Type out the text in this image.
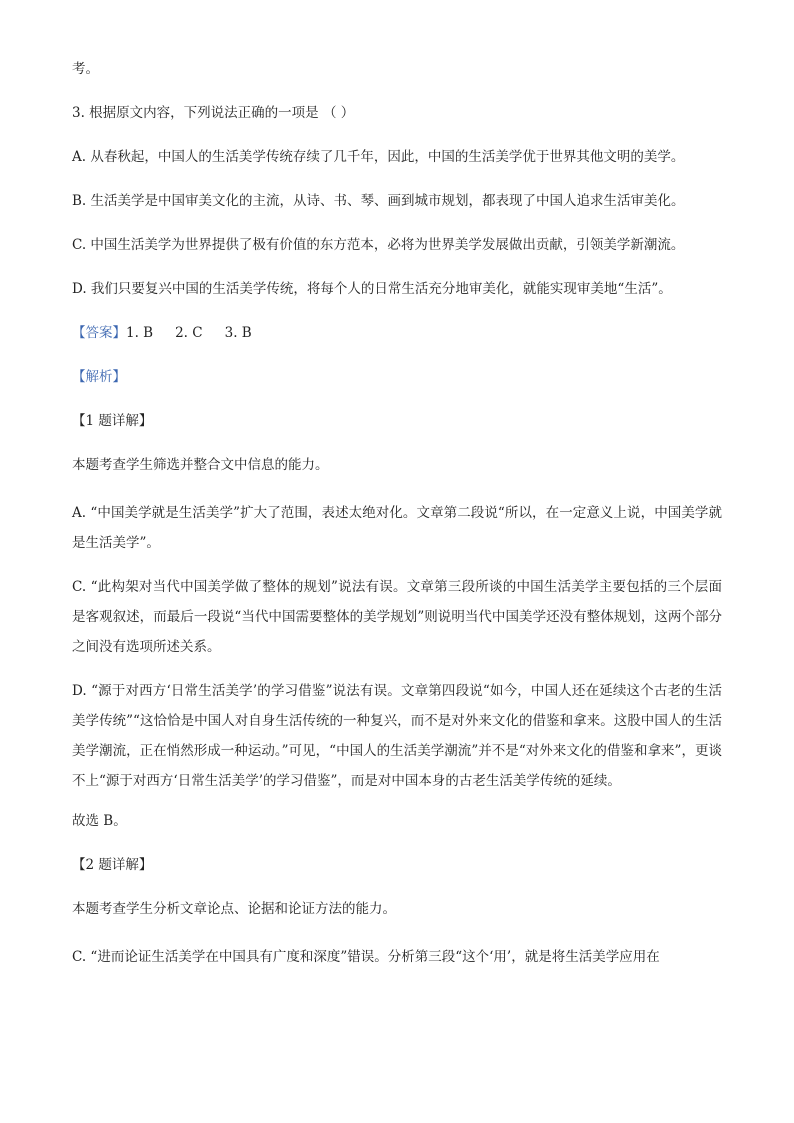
考。

3. 根据原文内容，下列说法正确的一项是 （ ）

A. 从春秋起，中国人的生活美学传统存续了几千年，因此，中国的生活美学优于世界其他文明的美学。

B. 生活美学是中国审美文化的主流，从诗、书、琴、画到城市规划，都表现了中国人追求生活审美化。

C. 中国生活美学为世界提供了极有价值的东方范本，必将为世界美学发展做出贡献，引领美学新潮流。

D. 我们只要复兴中国的生活美学传统，将每个人的日常生活充分地审美化，就能实现审美地“生活”。

【答案】1. B 2. C 3. B

【解析】

【1 题详解】

本题考查学生筛选并整合文中信息的能力。

A. “中国美学就是生活美学”扩大了范围，表述太绝对化。文章第二段说“所以，在一定意义上说，中国美学就是生活美学”。

C. “此构架对当代中国美学做了整体的规划”说法有误。文章第三段所谈的中国生活美学主要包括的三个层面是客观叙述，而最后一段说“当代中国需要整体的美学规划”则说明当代中国美学还没有整体规划，这两个部分之间没有选项所述关系。

D. “源于对西方‘日常生活美学’的学习借鉴”说法有误。文章第四段说“如今，中国人还在延续这个古老的生活美学传统”“这恰恰是中国人对自身生活传统的一种复兴，而不是对外来文化的借鉴和拿来。这股中国人的生活美学潮流，正在悄然形成一种运动。”可见，“中国人的生活美学潮流”并不是“对外来文化的借鉴和拿来”，更谈不上“源于对西方‘日常生活美学’的学习借鉴”，而是对中国本身的古老生活美学传统的延续。

故选 B。

【2 题详解】

本题考查学生分析文章论点、论据和论证方法的能力。

C. “进而论证生活美学在中国具有广度和深度”错误。分析第三段“这个‘用’，就是将生活美学应用在
